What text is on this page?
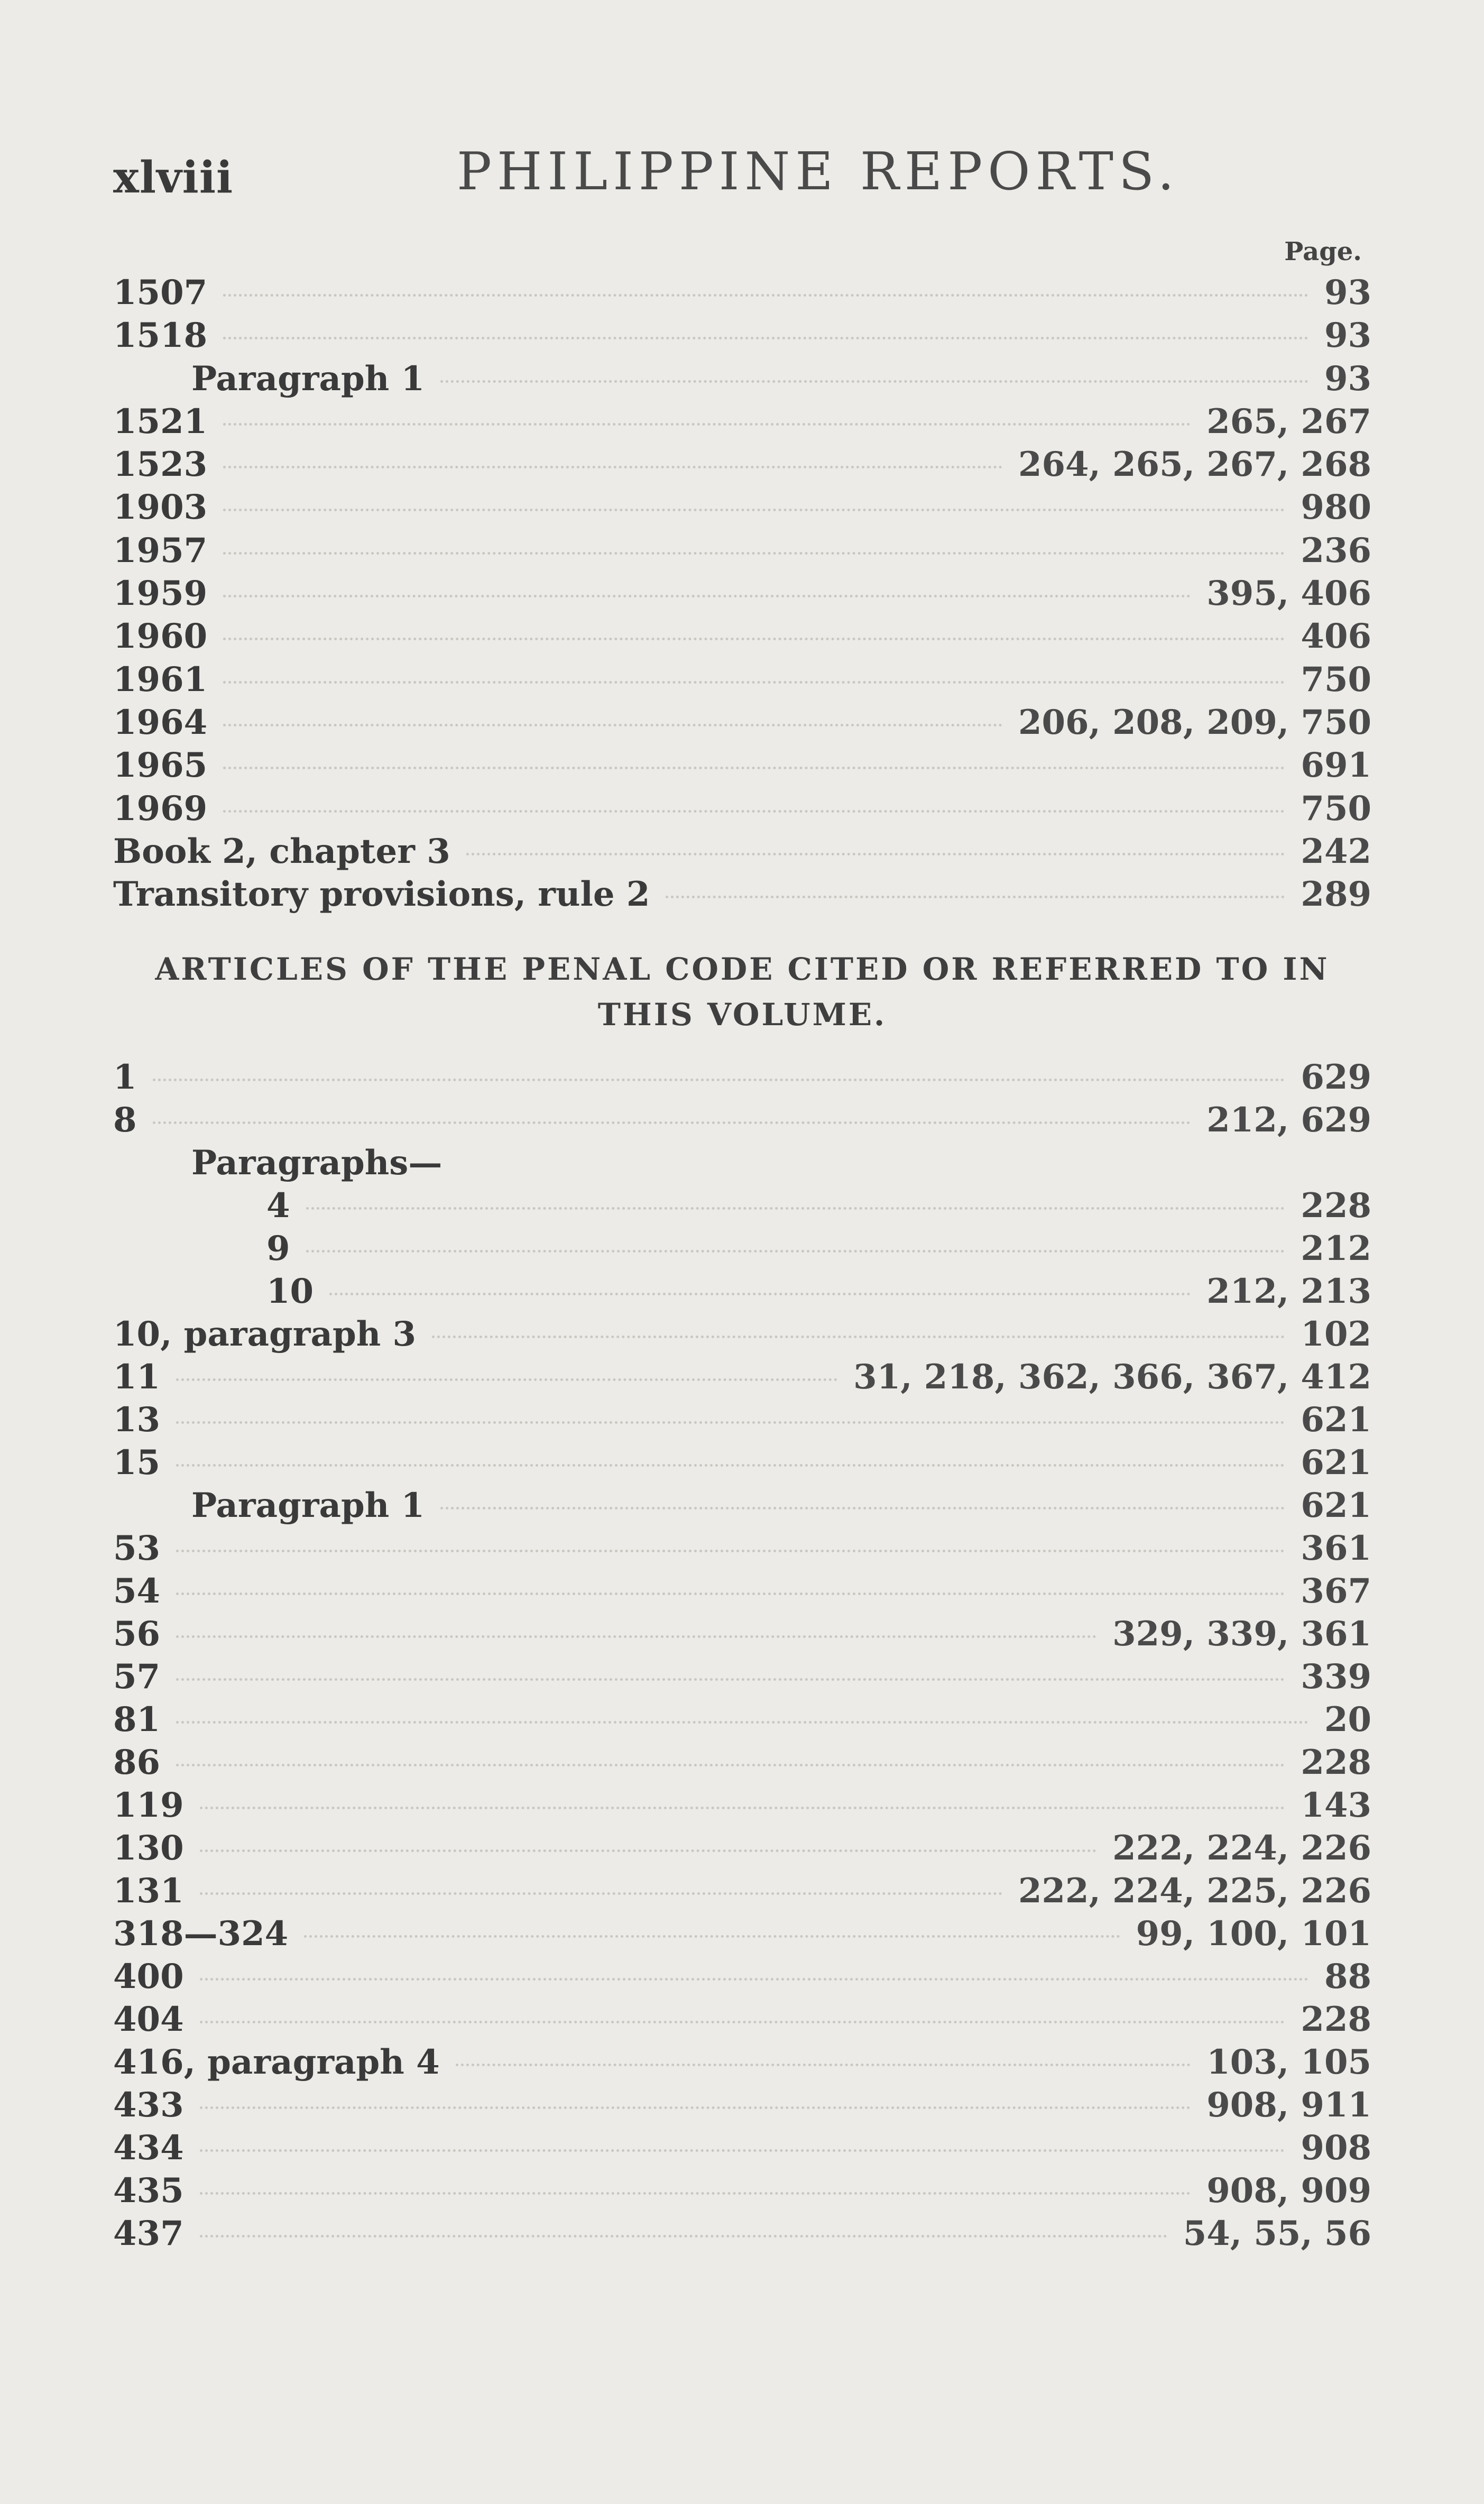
xlviii	PHILIPPINE REPORTS.
Page.
1507	93
1518	93
Paragraph 1	93
1521	265, 267
1523	264, 265, 267, 268
1903	980
1957	236
1959	395, 406
1960	406
1961	750
1964	206, 208, 209, 750
1965	691
1969	750
Book 2, chapter 3	242
Transitory provisions, rule 2	289
ARTICLES OF THE PENAL CODE CITED OR REFERRED TO IN
THIS VOLUME.
1	629
8	212, 629
Paragraphs—
4	228
9	212
10	212, 213
10, paragraph 3	102
11	31, 218, 362, 366, 367, 412
13	621
15	621
Paragraph 1	621
53	361
54	367
56	329, 339, 361
57	339
81	20
86	228
119	143
130	222, 224, 226
131	222, 224, 225, 226
318—324	99, 100, 101
400	88
404	228
416, paragraph 4	103, 105
433	908, 911
434	908
435	908, 909
437	54, 55, 56
